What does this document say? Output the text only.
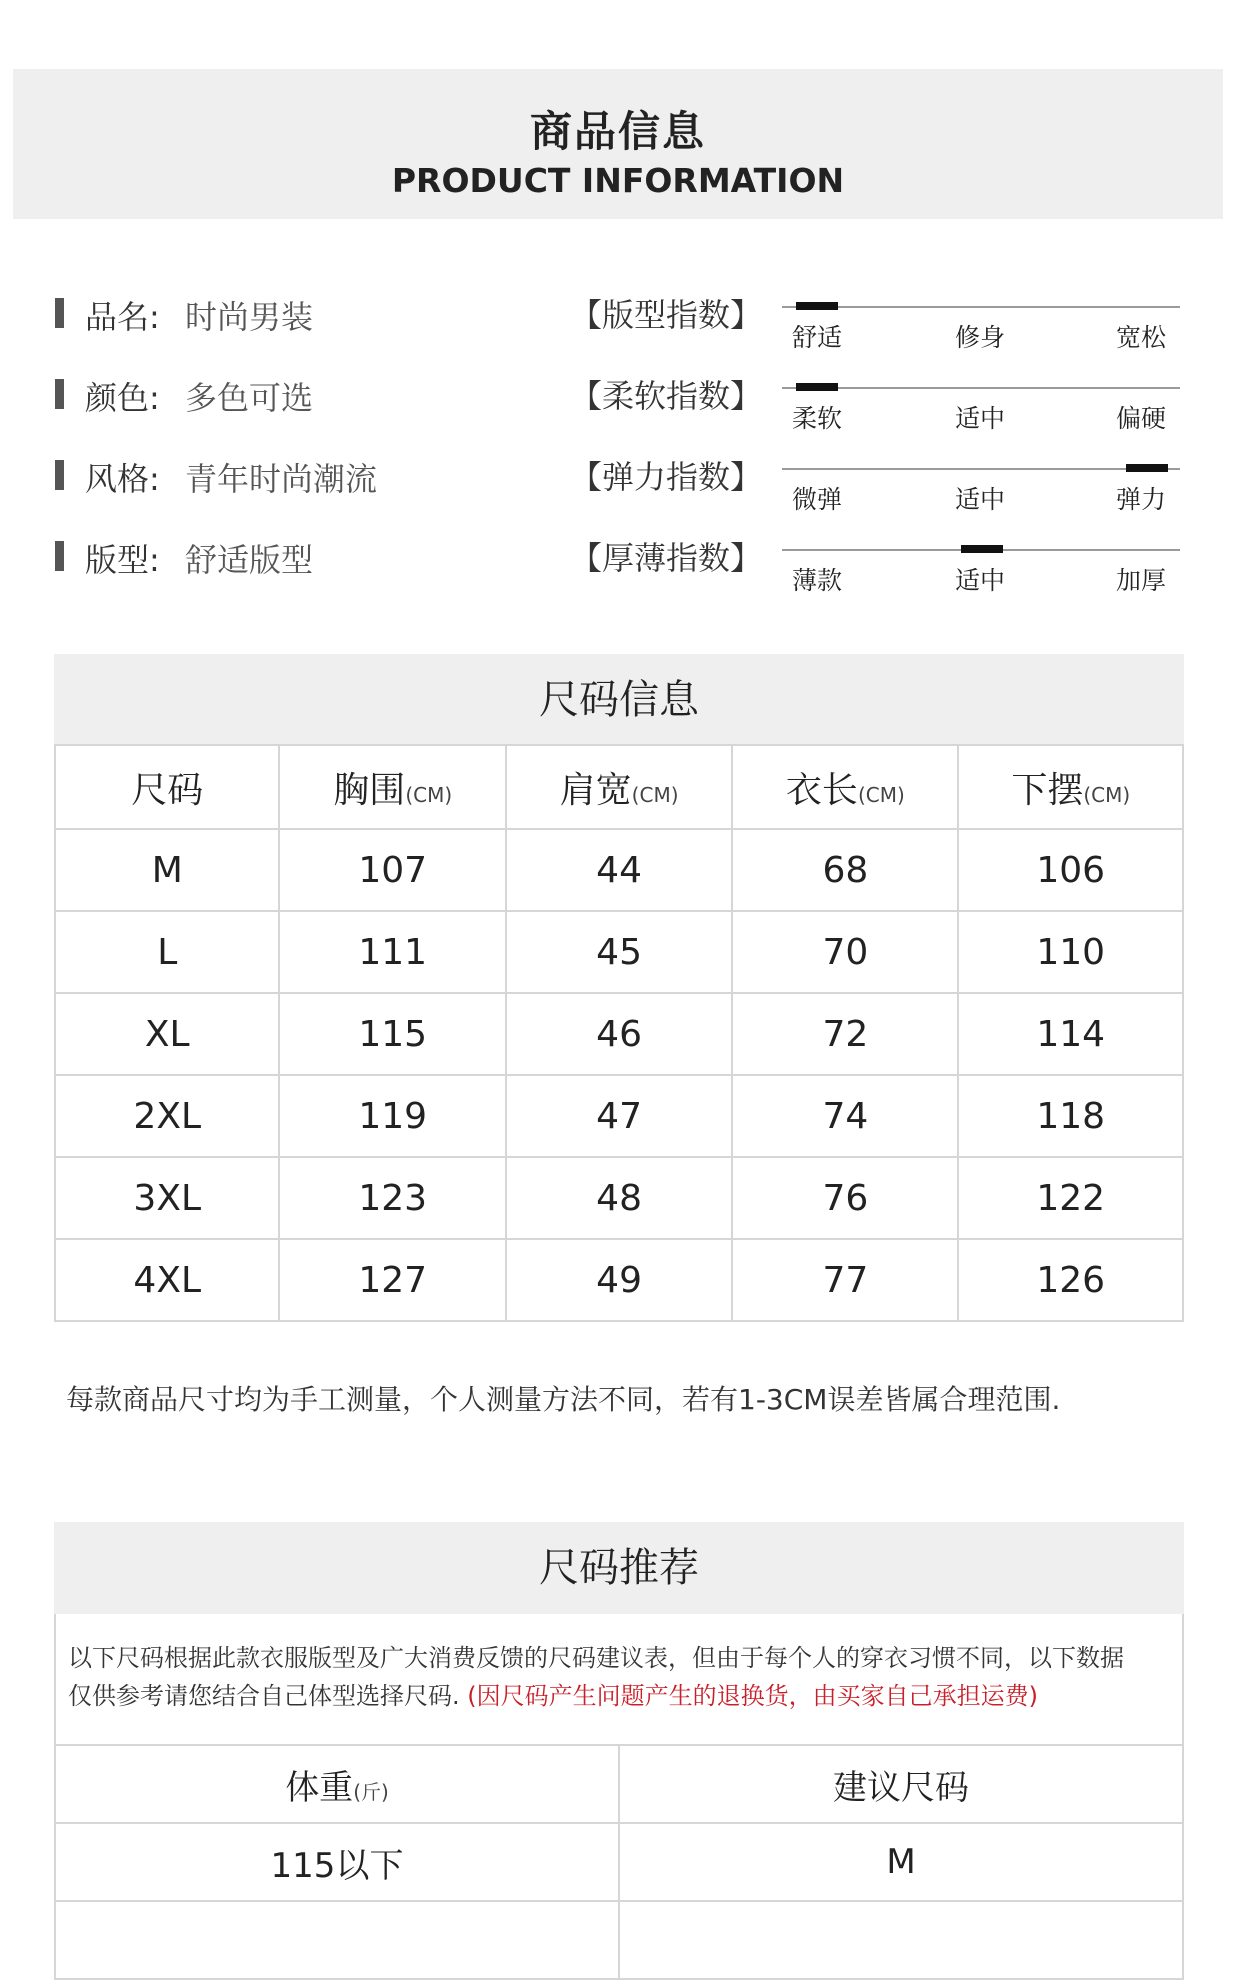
商品信息
PRODUCT INFORMATION
品名: 时尚男装
颜色: 多色可选
风格: 青年时尚潮流
版型: 舒适版型
【版型指数】
舒适	修身	宽松
【柔软指数】
柔软	适中	偏硬
【弹力指数】
微弹	适中	弹力
【厚薄指数】
薄款	适中	加厚
尺码信息
尺码	胸围(CM)	肩宽(CM)	衣长(CM)	下摆(CM)
M	107	44	68	106
L	111	45	70	110
XL	115	46	72	114
2XL	119	47	74	118
3XL	123	48	76	122
4XL	127	49	77	126
每款商品尺寸均为手工测量，个人测量方法不同，若有1-3CM误差皆属合理范围.
尺码推荐
以下尺码根据此款衣服版型及广大消费反馈的尺码建议表，但由于每个人的穿衣习惯不同，以下数据
仅供参考请您结合自己体型选择尺码. (因尺码产生问题产生的退换货，由买家自己承担运费)
体重(斤)	建议尺码
115以下	M
